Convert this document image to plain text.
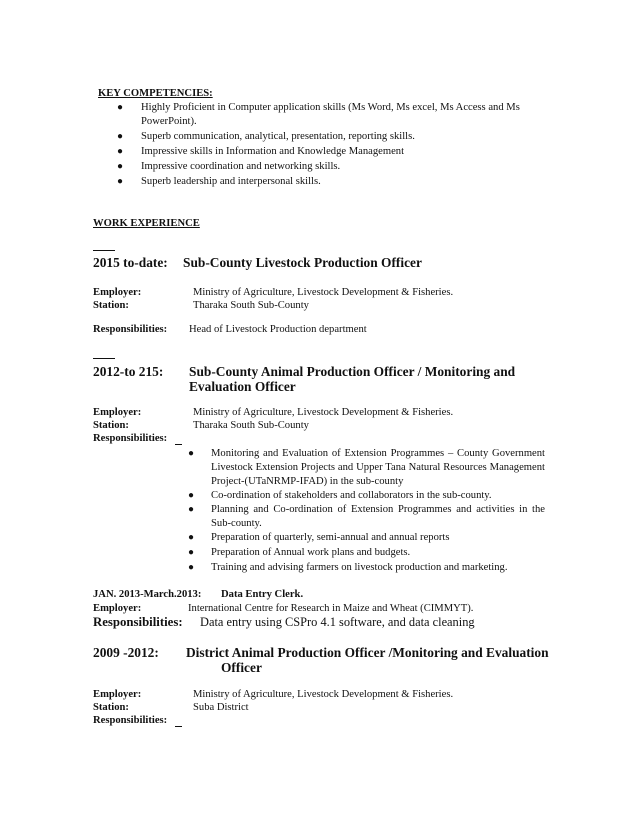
KEY COMPETENCIES:
● Highly Proficient in Computer application skills (Ms Word, Ms excel, Ms Access and Ms PowerPoint).
● Superb communication, analytical, presentation, reporting skills.
● Impressive skills in Information and Knowledge Management
● Impressive coordination and networking skills.
● Superb leadership and interpersonal skills.
WORK EXPERIENCE
2015 to-date: Sub-County Livestock Production Officer
Employer:	Ministry of Agriculture, Livestock Development & Fisheries.
Station:	Tharaka South Sub-County
Responsibilities: Head of Livestock Production department
2012-to 215: Sub-County Animal Production Officer / Monitoring and
Evaluation Officer
Employer:	Ministry of Agriculture, Livestock Development & Fisheries.
Station:	Tharaka South Sub-County
Responsibilities:
● Monitoring and Evaluation of Extension Programmes – County Government Livestock Extension Projects and Upper Tana Natural Resources Management Project-(UTaNRMP-IFAD) in the sub-county
● Co-ordination of stakeholders and collaborators in the sub-county.
● Planning and Co-ordination of Extension Programmes and activities in the Sub-county.
● Preparation of quarterly, semi-annual and annual reports
● Preparation of Annual work plans and budgets.
● Training and advising farmers on livestock production and marketing.
JAN. 2013-March.2013: Data Entry Clerk.
Employer:	International Centre for Research in Maize and Wheat (CIMMYT).
Responsibilities: Data entry using CSPro 4.1 software, and data cleaning
2009 -2012: District Animal Production Officer /Monitoring and Evaluation
Officer
Employer:	Ministry of Agriculture, Livestock Development & Fisheries.
Station:	Suba District
Responsibilities:
